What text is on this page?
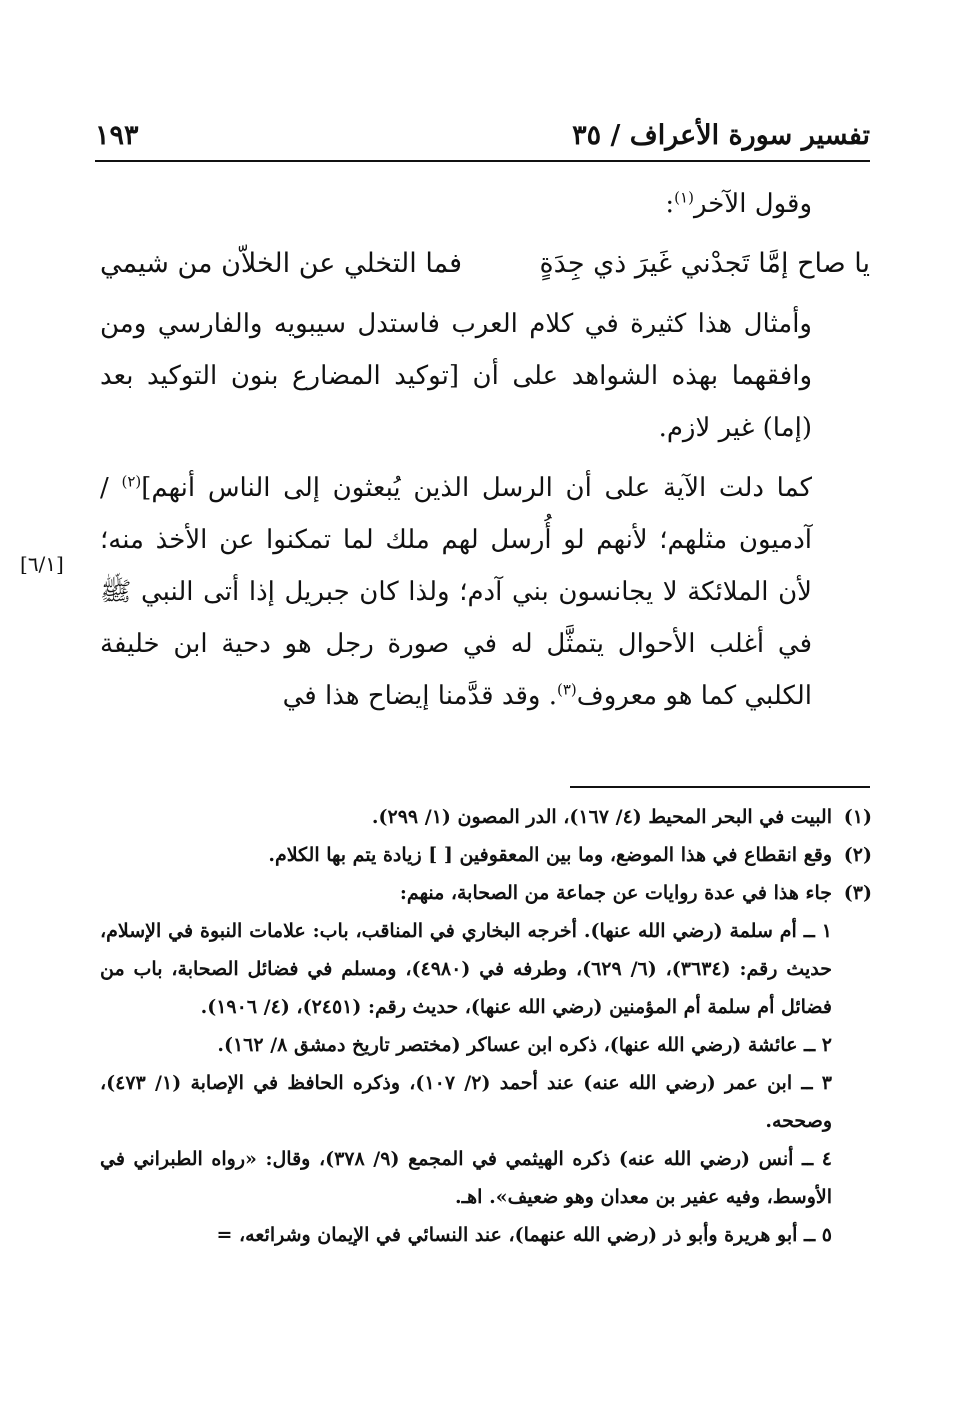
تفسير سورة الأعراف / ٣٥
١٩٣

وقول الآخر$^{(١)}$:

يا صاح إمَّا تَجدْني غَيرَ ذي جِدَةٍ
فما التخلي عن الخلاّن من شيمي

وأمثال هذا كثيرة في كلام العرب فاستدل سيبويه والفارسي ومن وافقهما بهذه الشواهد على أن [توكيد المضارع بنون التوكيد بعد (إما) غير لازم.

كما دلت الآية على أن الرسل الذين يُبعثون إلى الناس أنهم]$^{(٢)}$ / آدميون مثلهم؛ لأنهم لو أُرسل لهم ملك لما تمكنوا عن الأخذ منه؛ لأن الملائكة لا يجانسون بني آدم؛ ولذا كان جبريل إذا أتى النبي ﷺ في أغلب الأحوال يتمثَّل له في صورة رجل هو دحية ابن خليفة الكلبي كما هو معروف$^{(٣)}$. وقد قدَّمنا إيضاح هذا في

[٦/١]
(١)
البيت في البحر المحيط (٤/ ١٦٧)، الدر المصون (١/ ٢٩٩).
(٢)
وقع انقطاع في هذا الموضع، وما بين المعقوفين [ ] زيادة يتم بها الكلام.
(٣)
جاء هذا في عدة روايات عن جماعة من الصحابة، منهم:
١ ــ أم سلمة (رضي الله عنها). أخرجه البخاري في المناقب، باب: علامات النبوة في الإسلام، حديث رقم: (٣٦٣٤)، (٦/ ٦٢٩)، وطرفه في (٤٩٨٠)، ومسلم في فضائل الصحابة، باب من فضائل أم سلمة أم المؤمنين (رضي الله عنها)، حديث رقم: (٢٤٥١)، (٤/ ١٩٠٦).
٢ ــ عائشة (رضي الله عنها)، ذكره ابن عساكر (مختصر تاريخ دمشق ٨/ ١٦٢).
٣ ــ ابن عمر (رضي الله عنه) عند أحمد (٢/ ١٠٧)، وذكره الحافظ في الإصابة (١/ ٤٧٣)، وصححه.
٤ ــ أنس (رضي الله عنه) ذكره الهيثمي في المجمع (٩/ ٣٧٨)، وقال: «رواه الطبراني في الأوسط، وفيه عفير بن معدان وهو ضعيف». اهـ.
٥ ــ أبو هريرة وأبو ذر (رضي الله عنهما)، عند النسائي في الإيمان وشرائعه، =
